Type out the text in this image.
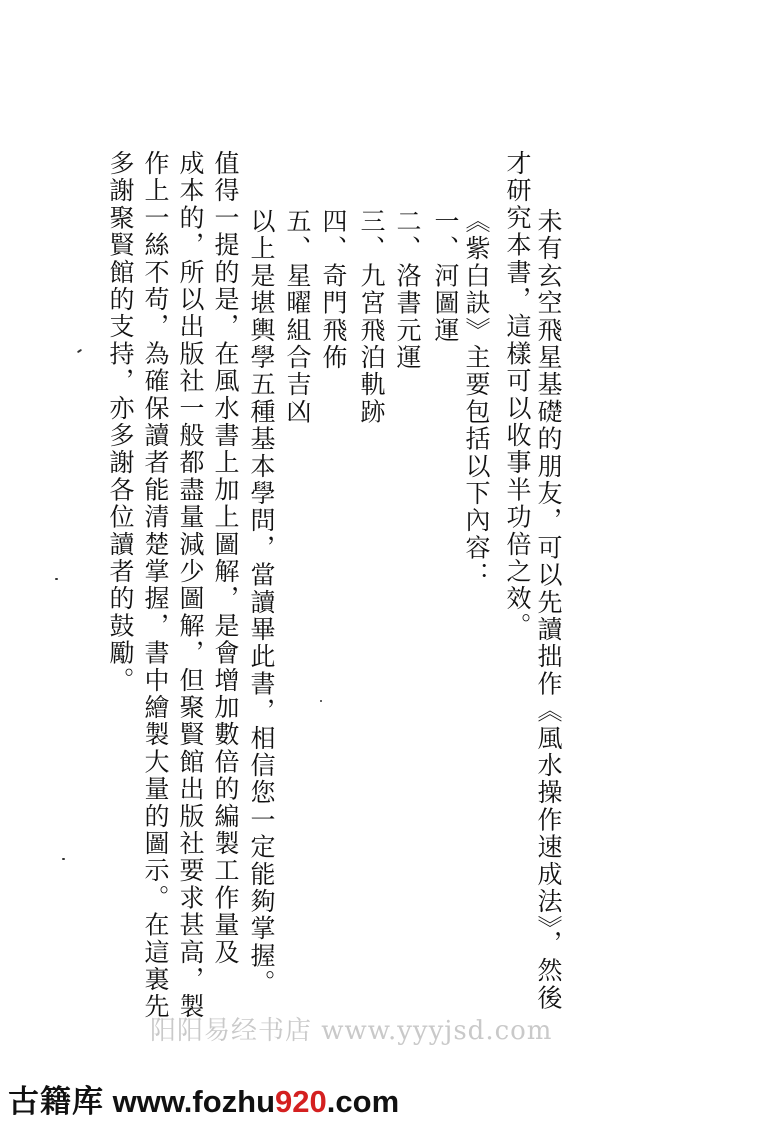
未有玄空飛星基礎的朋友，可以先讀拙作《風水操作速成法》，然後
才研究本書，這樣可以收事半功倍之效。
《紫白訣》主要包括以下內容：
一、河圖運
二、洛書元運
三、九宮飛泊軌跡
四、奇門飛佈
五、星曜組合吉凶
以上是堪輿學五種基本學問，當讀畢此書，相信您一定能夠掌握。
值得一提的是，在風水書上加上圖解，是會增加數倍的編製工作量及
成本的，所以出版社一般都盡量減少圖解，但聚賢館出版社要求甚高，製
作上一絲不苟，為確保讀者能清楚掌握，書中繪製大量的圖示。在這裏先
多謝聚賢館的支持，亦多謝各位讀者的鼓勵。
阳阳易经书店 www.yyyjsd.com
古籍库 www.fozhu920.com
